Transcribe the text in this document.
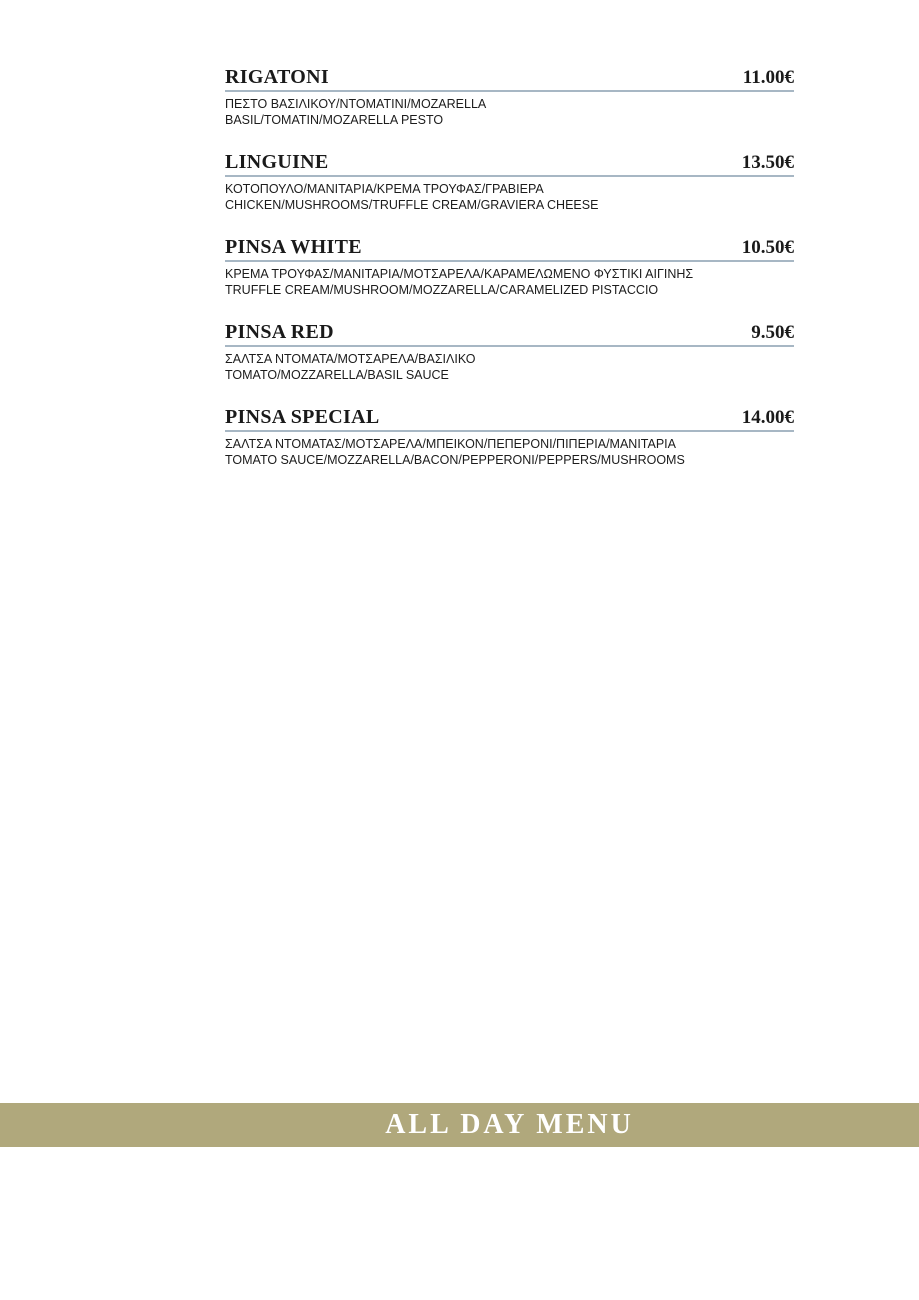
RIGATONI	11.00€
ΠΕΣΤΟ ΒΑΣΙΛΙΚΟΥ/ΝΤΟΜΑΤΙΝΙ/MOZARELLA
BASIL/TOMATIN/MOZARELLA PESTO
LINGUINE	13.50€
ΚΟΤΟΠΟΥΛΟ/ΜΑΝΙΤΑΡΙΑ/ΚΡΕΜΑ ΤΡΟΥΦΑΣ/ΓΡΑΒΙΕΡΑ
CHICKEN/MUSHROOMS/TRUFFLE CREAM/GRAVIERA CHEESE
PINSA WHITE	10.50€
ΚΡΕΜΑ ΤΡΟΥΦΑΣ/ΜΑΝΙΤΑΡΙΑ/ΜΟΤΣΑΡΕΛΑ/ΚΑΡΑΜΕΛΩΜΕΝΟ ΦΥΣΤΙΚΙ ΑΙΓΙΝΗΣ
TRUFFLE CREAM/MUSHROOM/MOZZARELLA/CARAMELIZED PISTACCIO
PINSA RED	9.50€
ΣΑΛΤΣΑ ΝΤΟΜΑΤΑ/ΜΟΤΣΑΡΕΛΑ/ΒΑΣΙΛΙΚΟ
TOMATO/MOZZARELLA/BASIL SAUCE
PINSA SPECIAL	14.00€
ΣΑΛΤΣΑ ΝΤΟΜΑΤΑΣ/ΜΟΤΣΑΡΕΛΑ/ΜΠΕΙΚΟΝ/ΠΕΠΕΡΟΝΙ/ΠΙΠΕΡΙΑ/ΜΑΝΙΤΑΡΙΑ
TOMATO SAUCE/MOZZARELLA/BACON/PEPPERONI/PEPPERS/MUSHROOMS
ALL DAY MENU
